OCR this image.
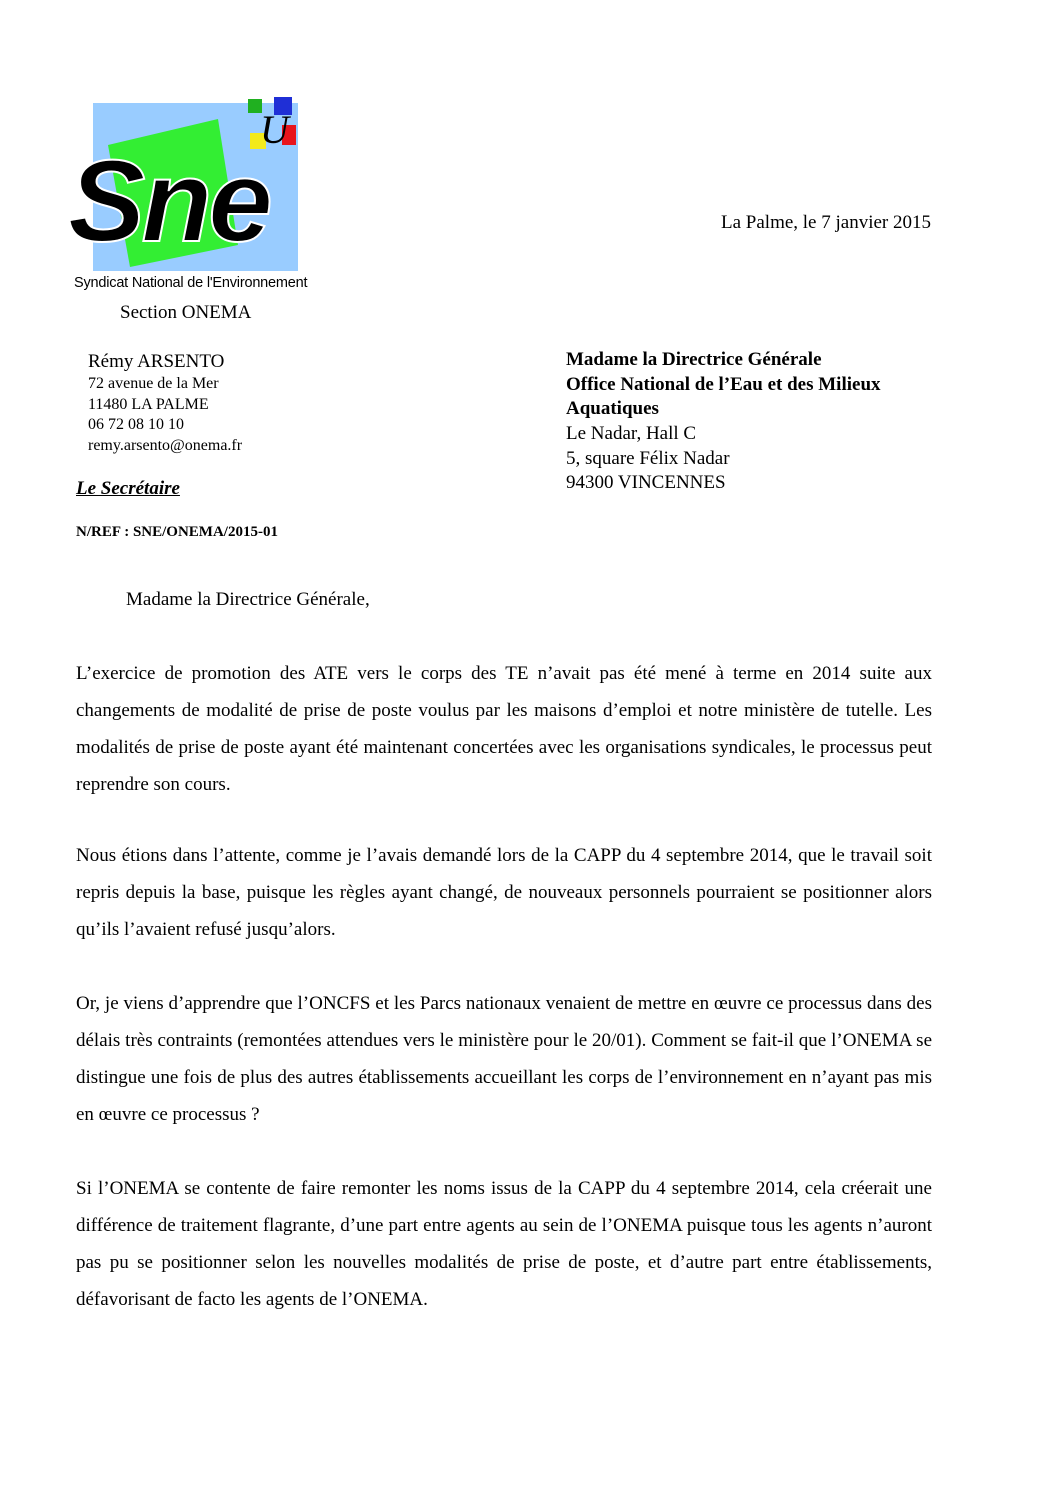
U
Sne
Syndicat National de l'Environnement
Section ONEMA
Rémy ARSENTO
72 avenue de la Mer
11480 LA PALME
06 72 08 10 10
remy.arsento@onema.fr
Le Secrétaire
N/REF : SNE/ONEMA/2015-01
La Palme, le 7 janvier 2015
Madame la Directrice Générale
Office National de l’Eau et des Milieux
Aquatiques
Le Nadar, Hall C
5, square Félix Nadar
94300 VINCENNES
Madame la Directrice Générale,

L’exercice de promotion des ATE vers le corps des TE n’avait pas été mené à terme en 2014 suite aux changements de modalité de prise de poste voulus par les maisons d’emploi et notre ministère de tutelle. Les modalités de prise de poste ayant été maintenant concertées avec les organisations syndicales, le processus peut reprendre son cours.

Nous étions dans l’attente, comme je l’avais demandé lors de la CAPP du 4 septembre 2014, que le travail soit repris depuis la base, puisque les règles ayant changé, de nouveaux personnels pourraient se positionner alors qu’ils l’avaient refusé jusqu’alors.

Or, je viens d’apprendre que l’ONCFS et les Parcs nationaux venaient de mettre en œuvre ce processus dans des délais très contraints (remontées attendues vers le ministère pour le 20/01). Comment se fait-il que l’ONEMA se distingue une fois de plus des autres établissements accueillant les corps de l’environnement en n’ayant pas mis en œuvre ce processus ?

Si l’ONEMA se contente de faire remonter les noms issus de la CAPP du 4 septembre 2014, cela créerait une différence de traitement flagrante, d’une part entre agents au sein de l’ONEMA puisque tous les agents n’auront pas pu se positionner selon les nouvelles modalités de prise de poste, et d’autre part entre établissements, défavorisant de facto les agents de l’ONEMA.
